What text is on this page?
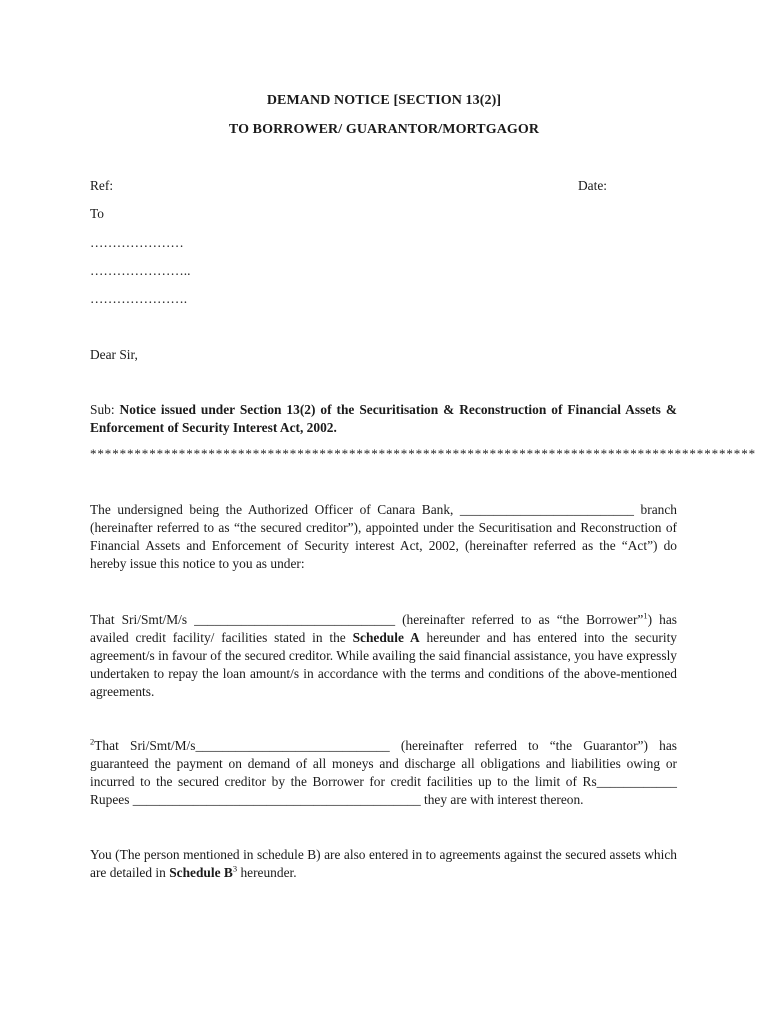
DEMAND NOTICE [SECTION 13(2)]
TO BORROWER/ GUARANTOR/MORTGAGOR
Ref:	Date:
To
…………………
…………………..
………………….
Dear Sir,
Sub: Notice issued under Section 13(2) of the Securitisation & Reconstruction of Financial Assets & Enforcement of Security Interest Act, 2002.
******************************************************************************************
The undersigned being the Authorized Officer of Canara Bank, __________________________ branch (hereinafter referred to as “the secured creditor”), appointed under the Securitisation and Reconstruction of Financial Assets and Enforcement of Security interest Act, 2002, (hereinafter referred as the “Act”) do hereby issue this notice to you as under:
That Sri/Smt/M/s ______________________________ (hereinafter referred to as “the Borrower”$^1$) has availed credit facility/ facilities stated in the Schedule A hereunder and has entered into the security agreement/s in favour of the secured creditor. While availing the said financial assistance, you have expressly undertaken to repay the loan amount/s in accordance with the terms and conditions of the above-mentioned agreements.
$^2$That Sri/Smt/M/s_____________________________ (hereinafter referred to “the Guarantor”) has guaranteed the payment on demand of all moneys and discharge all obligations and liabilities owing or incurred to the secured creditor by the Borrower for credit facilities up to the limit of Rs____________ Rupees ___________________________________________ they are with interest thereon.
You (The person mentioned in schedule B) are also entered in to agreements against the secured assets which are detailed in Schedule $B^3$ hereunder.
